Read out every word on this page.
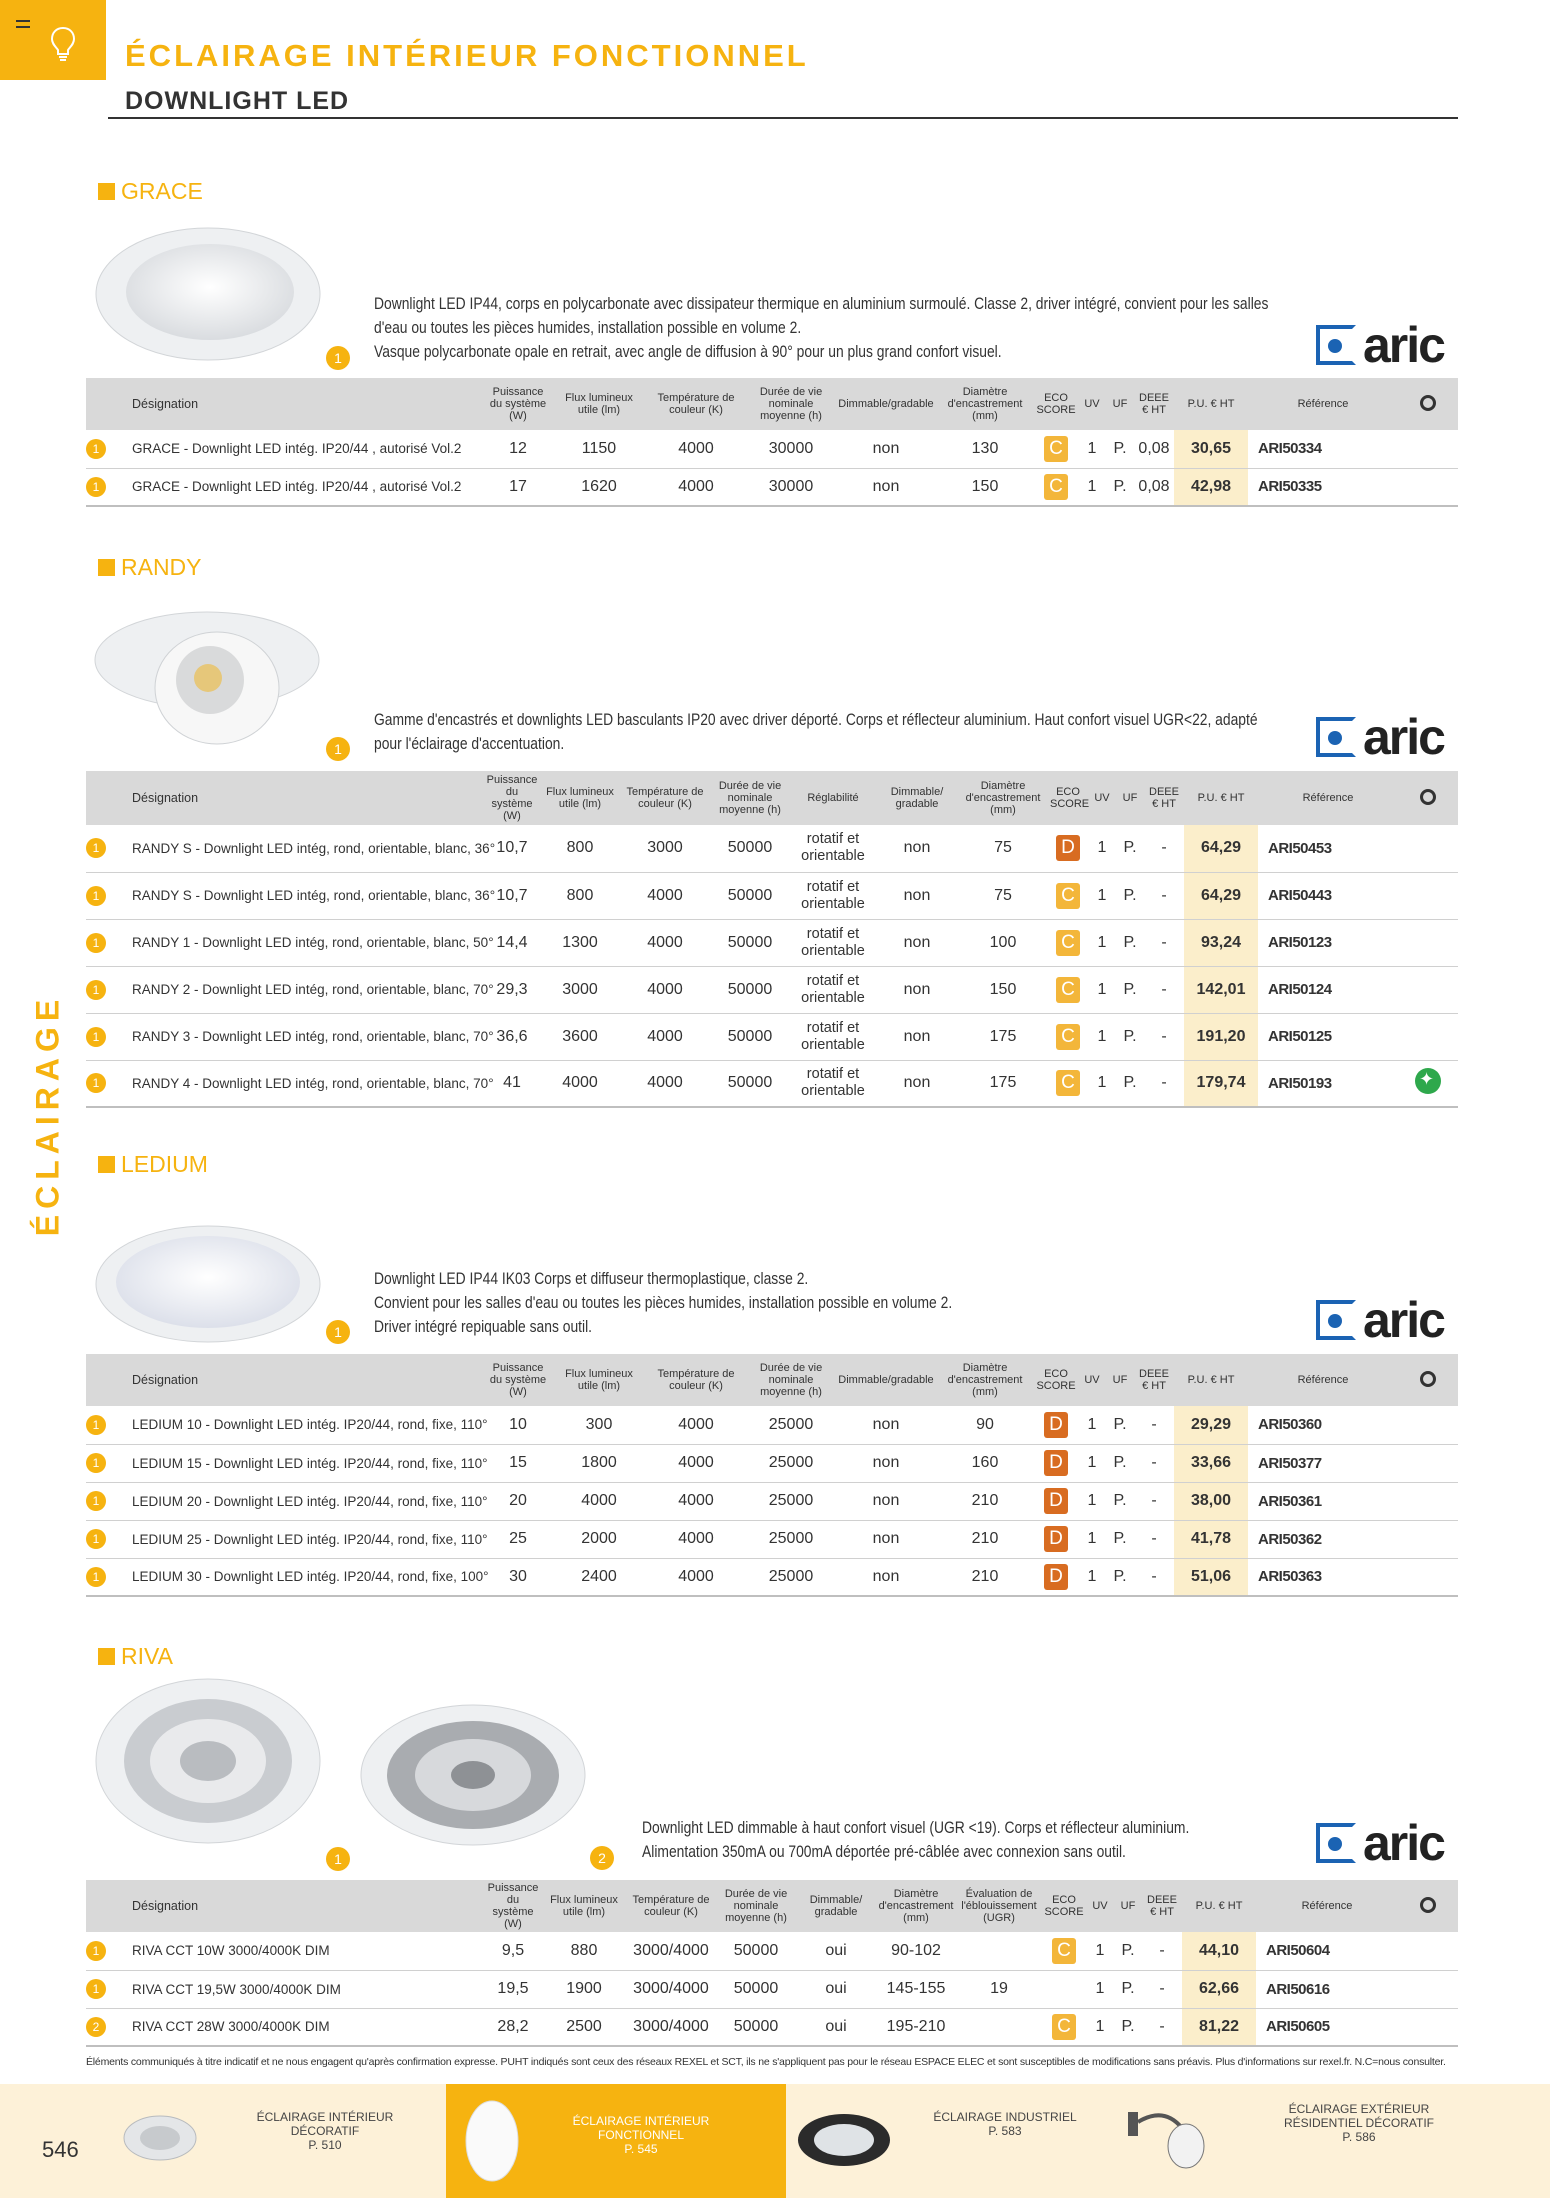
ÉCLAIRAGE INTÉRIEUR FONCTIONNEL
DOWNLIGHT LED
ÉCLAIRAGE
GRACE
1
Downlight LED IP44, corps en polycarbonate avec dissipateur thermique en aluminium surmoulé. Classe 2, driver intégré, convient pour les salles
d'eau ou toutes les pièces humides, installation possible en volume 2.
Vasque polycarbonate opale en retrait, avec angle de diffusion à 90° pour un plus grand confort visuel.	aric
Désignation	Puissance du système (W)	Flux lumineux utile (lm)	Température de couleur (K)	Durée de vie nominale moyenne (h)	Dimmable/gradable	Diamètre d'encastrement (mm)	ECO SCORE	UV	UF	DEEE € HT	P.U. € HT	Référence	

1 GRACE - Downlight LED intég. IP20/44 , autorisé Vol.2	12	1150	4000	30000	non	130	C	1	P.	0,08	30,65	ARI50334	

1 GRACE - Downlight LED intég. IP20/44 , autorisé Vol.2	17	1620	4000	30000	non	150	C	1	P.	0,08	42,98	ARI50335	
RANDY
1
Gamme d'encastrés et downlights LED basculants IP20 avec driver déporté. Corps et réflecteur aluminium. Haut confort visuel UGR<22, adapté
pour l'éclairage d'accentuation.	aric
Désignation	Puissance du système (W)	Flux lumineux utile (lm)	Température de couleur (K)	Durée de vie nominale moyenne (h)	Réglabilité	Dimmable/ gradable	Diamètre d'encastrement (mm)	ECO SCORE	UV	UF	DEEE € HT	P.U. € HT	Référence	

1 RANDY S - Downlight LED intég, rond, orientable, blanc, 36°	10,7	800	3000	50000	rotatif et orientable	non	75	D	1	P.	-	64,29	ARI50453	

1 RANDY S - Downlight LED intég, rond, orientable, blanc, 36°	10,7	800	4000	50000	rotatif et orientable	non	75	C	1	P.	-	64,29	ARI50443	

1 RANDY 1 - Downlight LED intég, rond, orientable, blanc, 50°	14,4	1300	4000	50000	rotatif et orientable	non	100	C	1	P.	-	93,24	ARI50123	

1 RANDY 2 - Downlight LED intég, rond, orientable, blanc, 70°	29,3	3000	4000	50000	rotatif et orientable	non	150	C	1	P.	-	142,01	ARI50124	

1 RANDY 3 - Downlight LED intég, rond, orientable, blanc, 70°	36,6	3600	4000	50000	rotatif et orientable	non	175	C	1	P.	-	191,20	ARI50125	

1 RANDY 4 - Downlight LED intég, rond, orientable, blanc, 70°	41	4000	4000	50000	rotatif et orientable	non	175	C	1	P.	-	179,74	ARI50193	✦
LEDIUM
1
Downlight LED IP44 IK03 Corps et diffuseur thermoplastique, classe 2.
Convient pour les salles d'eau ou toutes les pièces humides, installation possible en volume 2.
Driver intégré repiquable sans outil.	aric
Désignation	Puissance du système (W)	Flux lumineux utile (lm)	Température de couleur (K)	Durée de vie nominale moyenne (h)	Dimmable/gradable	Diamètre d'encastrement (mm)	ECO SCORE	UV	UF	DEEE € HT	P.U. € HT	Référence	

1 LEDIUM 10 - Downlight LED intég. IP20/44, rond, fixe, 110°	10	300	4000	25000	non	90	D	1	P.	-	29,29	ARI50360	

1 LEDIUM 15 - Downlight LED intég. IP20/44, rond, fixe, 110°	15	1800	4000	25000	non	160	D	1	P.	-	33,66	ARI50377	

1 LEDIUM 20 - Downlight LED intég. IP20/44, rond, fixe, 110°	20	4000	4000	25000	non	210	D	1	P.	-	38,00	ARI50361	

1 LEDIUM 25 - Downlight LED intég. IP20/44, rond, fixe, 110°	25	2000	4000	25000	non	210	D	1	P.	-	41,78	ARI50362	

1 LEDIUM 30 - Downlight LED intég. IP20/44, rond, fixe, 100°	30	2400	4000	25000	non	210	D	1	P.	-	51,06	ARI50363	
RIVA
1	2
Downlight LED dimmable à haut confort visuel (UGR <19). Corps et réflecteur aluminium.
Alimentation 350mA ou 700mA déportée pré-câblée avec connexion sans outil.	aric
Désignation	Puissance du système (W)	Flux lumineux utile (lm)	Température de couleur (K)	Durée de vie nominale moyenne (h)	Dimmable/ gradable	Diamètre d'encastrement (mm)	Évaluation de l'éblouissement (UGR)	ECO SCORE	UV	UF	DEEE € HT	P.U. € HT	Référence	

1 RIVA CCT 10W 3000/4000K DIM	9,5	880	3000/4000	50000	oui	90-102		C	1	P.	-	44,10	ARI50604	

1 RIVA CCT 19,5W 3000/4000K DIM	19,5	1900	3000/4000	50000	oui	145-155	19		1	P.	-	62,66	ARI50616	

2 RIVA CCT 28W 3000/4000K DIM	28,2	2500	3000/4000	50000	oui	195-210		C	1	P.	-	81,22	ARI50605	
Éléments communiqués à titre indicatif et ne nous engagent qu'après confirmation expresse. PUHT indiqués sont ceux des réseaux REXEL et SCT, ils ne s'appliquent pas pour le réseau ESPACE ELEC et sont susceptibles de modifications sans préavis. Plus d'informations sur rexel.fr. N.C=nous consulter.
546
ÉCLAIRAGE INTÉRIEUR DÉCORATIF
P. 510
ÉCLAIRAGE INTÉRIEUR FONCTIONNEL
P. 545
ÉCLAIRAGE INDUSTRIEL
P. 583
ÉCLAIRAGE EXTÉRIEUR RÉSIDENTIEL DÉCORATIF
P. 586
